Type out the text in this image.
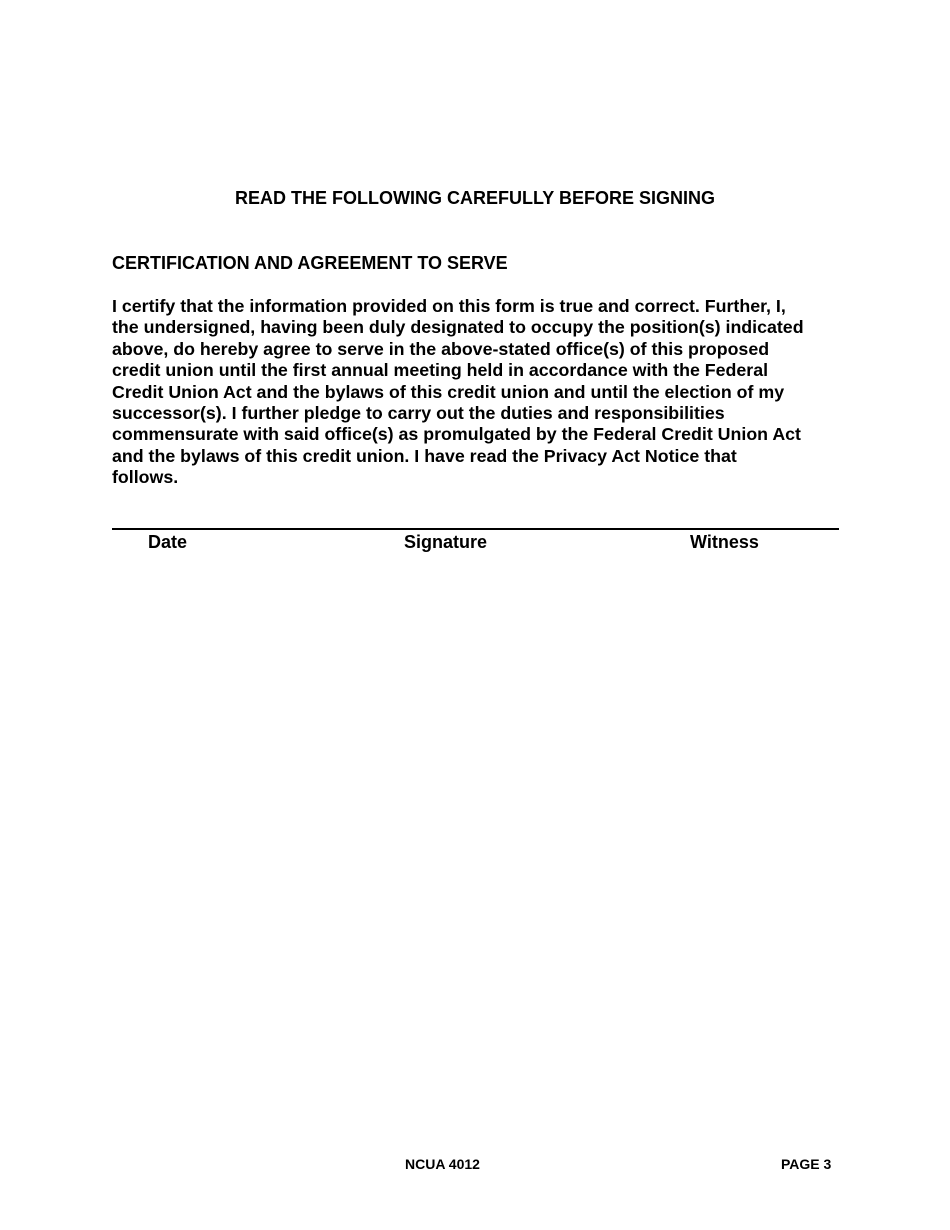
READ THE FOLLOWING CAREFULLY BEFORE SIGNING
CERTIFICATION AND AGREEMENT TO SERVE

I certify that the information provided on this form is true and correct. Further, I,
the undersigned, having been duly designated to occupy the position(s) indicated
above, do hereby agree to serve in the above-stated office(s) of this proposed
credit union until the first annual meeting held in accordance with the Federal
Credit Union Act and the bylaws of this credit union and until the election of my
successor(s). I further pledge to carry out the duties and responsibilities
commensurate with said office(s) as promulgated by the Federal Credit Union Act
and the bylaws of this credit union. I have read the Privacy Act Notice that
follows.

Date	Signature	Witness
NCUA 4012	PAGE 3
